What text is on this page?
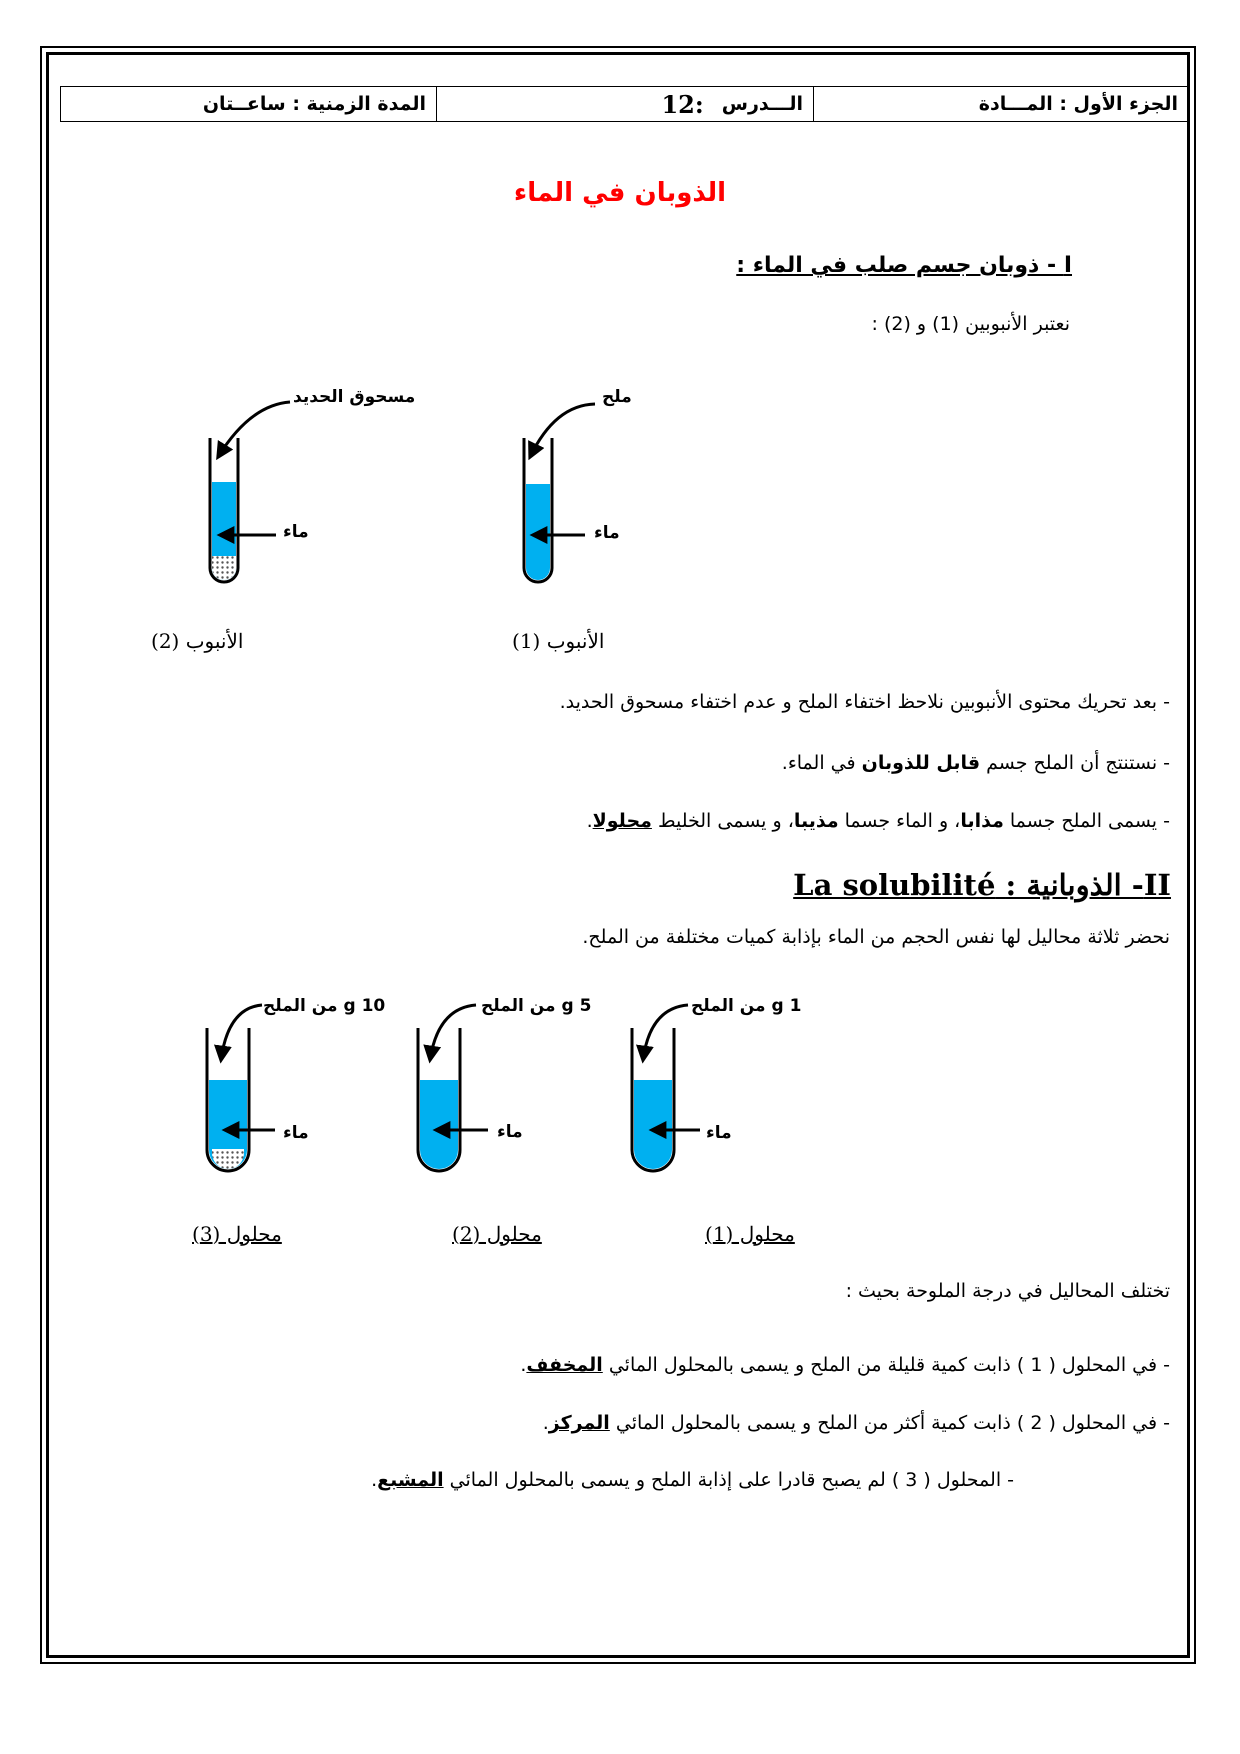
الجزء الأول : المـــادة
الـــدرس
12:
المدة الزمنية : ساعــتان
الذوبان في الماء
I - ذوبان جسم صلب في الماء :
نعتبر الأنبوبين (1) و (2) :
ملح
مسحوق الحديد
ماء
ماء
الأنبوب (1)
الأنبوب (2)
- بعد تحريك محتوى الأنبوبين نلاحظ اختفاء الملح و عدم اختفاء مسحوق الحديد.
- نستنتج أن الملح جسم قابل للذوبان في الماء.
- يسمى الملح جسما مذابا، و الماء جسما مذيبا، و يسمى الخليط محلولا.
La solubilité II- الذوبانية :
نحضر ثلاثة محاليل لها نفس الحجم من الماء بإذابة كميات مختلفة من الملح.
1 g من الملح
5 g من الملح
10 g من الملح
ماء
ماء
ماء
محلول (1)
محلول (2)
محلول (3)
تختلف المحاليل في درجة الملوحة بحيث :
- في المحلول ( 1 ) ذابت كمية قليلة من الملح و يسمى بالمحلول المائي المخفف.
- في المحلول ( 2 ) ذابت كمية أكثر من الملح و يسمى بالمحلول المائي المركز.
- المحلول ( 3 ) لم يصبح قادرا على إذابة الملح و يسمى بالمحلول المائي المشبع.
